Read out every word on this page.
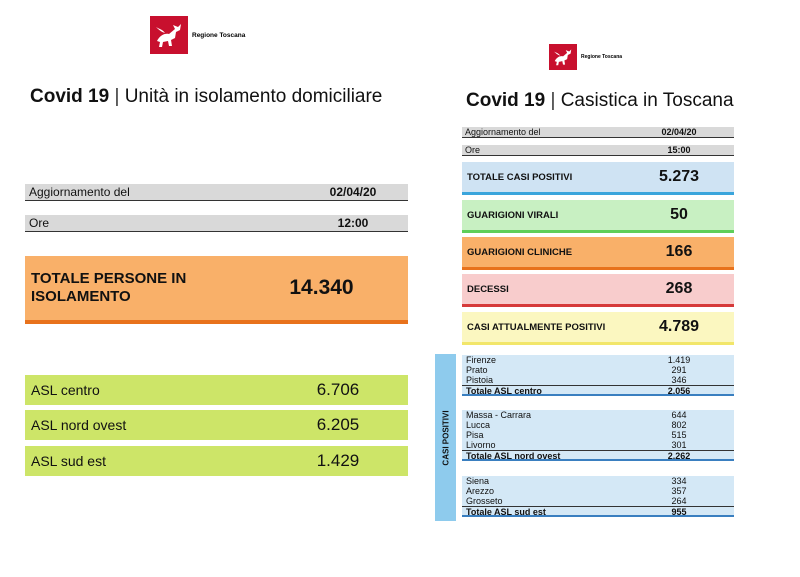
Regione Toscana
Regione Toscana
Covid 19 | Unità in isolamento domiciliare
Aggiornamento del	02/04/20
Ore	12:00
TOTALE PERSONE IN ISOLAMENTO	14.340
ASL centro	6.706
ASL nord ovest	6.205
ASL sud est	1.429
Covid 19 | Casistica in Toscana
Aggiornamento del	02/04/20
Ore	15:00
TOTALE CASI POSITIVI	5.273
GUARIGIONI VIRALI	50
GUARIGIONI CLINICHE	166
DECESSI	268
CASI ATTUALMENTE POSITIVI	4.789
CASI POSITIVI
Firenze	1.419
Prato	291
Pistoia	346
Totale ASL centro	2.056
Massa - Carrara	644
Lucca	802
Pisa	515
Livorno	301
Totale ASL nord ovest	2.262
Siena	334
Arezzo	357
Grosseto	264
Totale ASL sud est	955
